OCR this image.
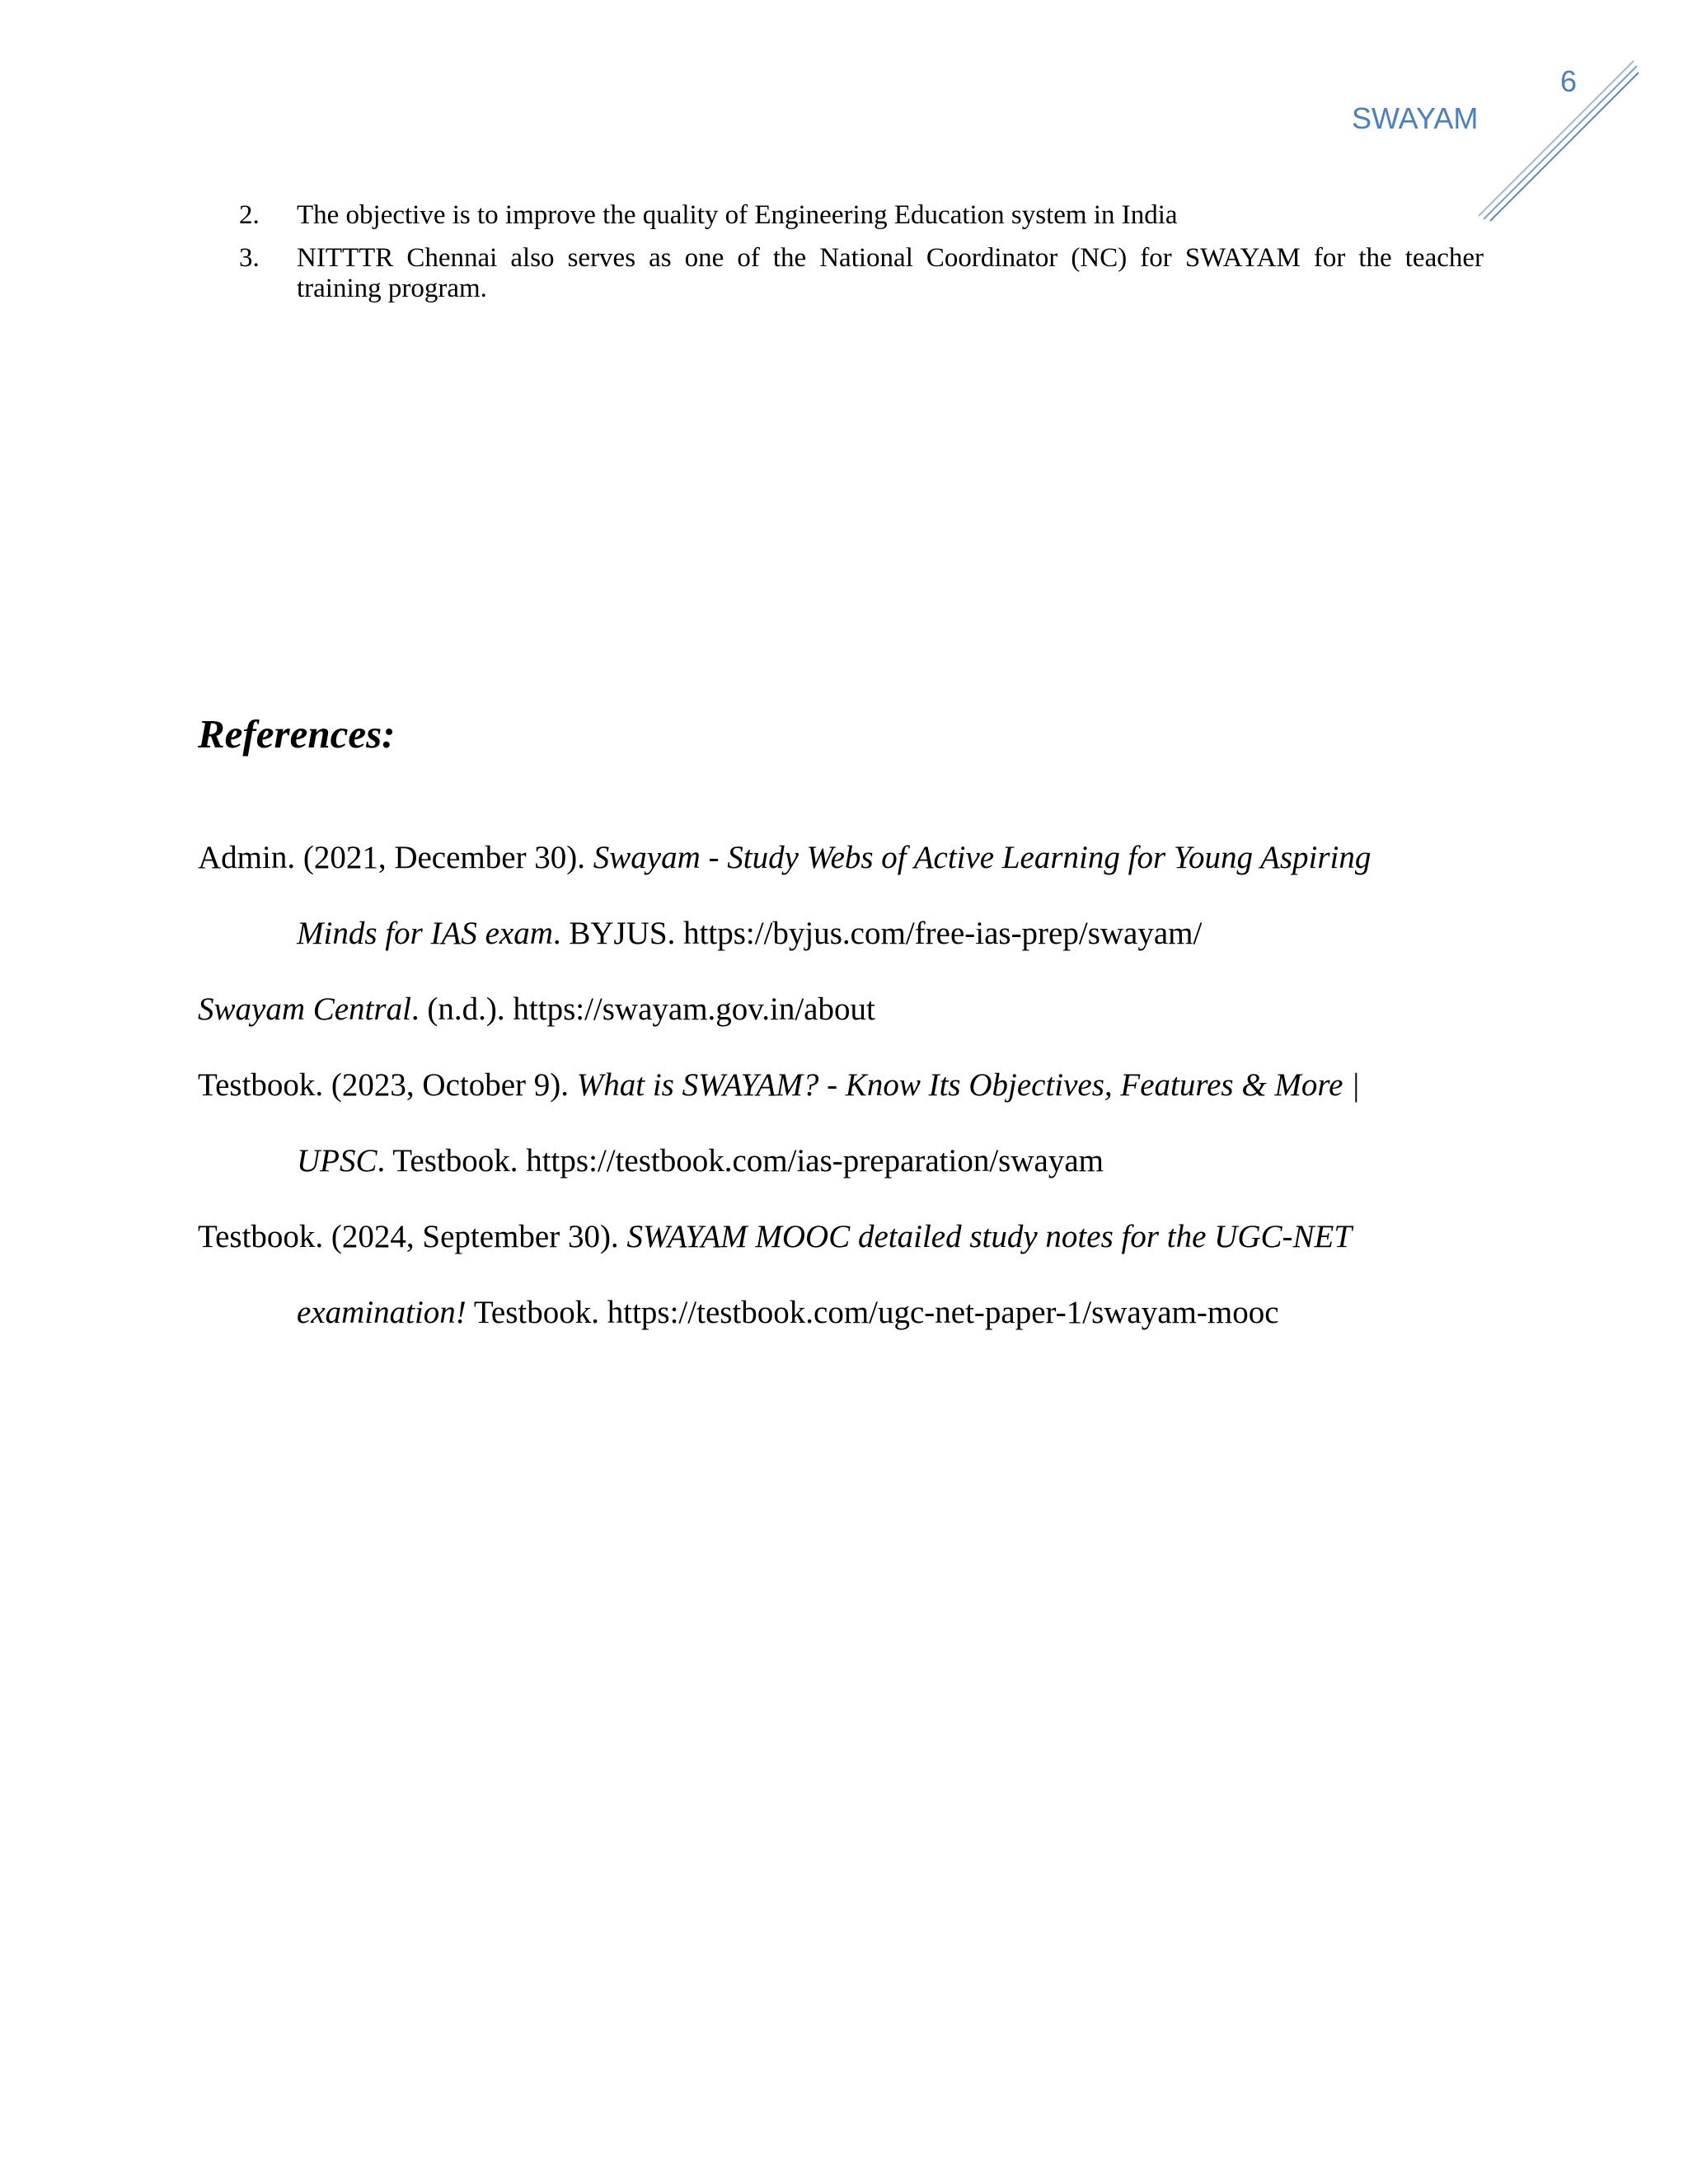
6
SWAYAM
2. The objective is to improve the quality of Engineering Education system in India
3. NITTTR Chennai also serves as one of the National Coordinator (NC) for SWAYAM for the teacher
training program.
References:
Admin. (2021, December 30). Swayam - Study Webs of Active Learning for Young Aspiring
Minds for IAS exam. BYJUS. https://byjus.com/free-ias-prep/swayam/
Swayam Central. (n.d.). https://swayam.gov.in/about
Testbook. (2023, October 9). What is SWAYAM? - Know Its Objectives, Features & More |
UPSC. Testbook. https://testbook.com/ias-preparation/swayam
Testbook. (2024, September 30). SWAYAM MOOC detailed study notes for the UGC-NET
examination! Testbook. https://testbook.com/ugc-net-paper-1/swayam-mooc
